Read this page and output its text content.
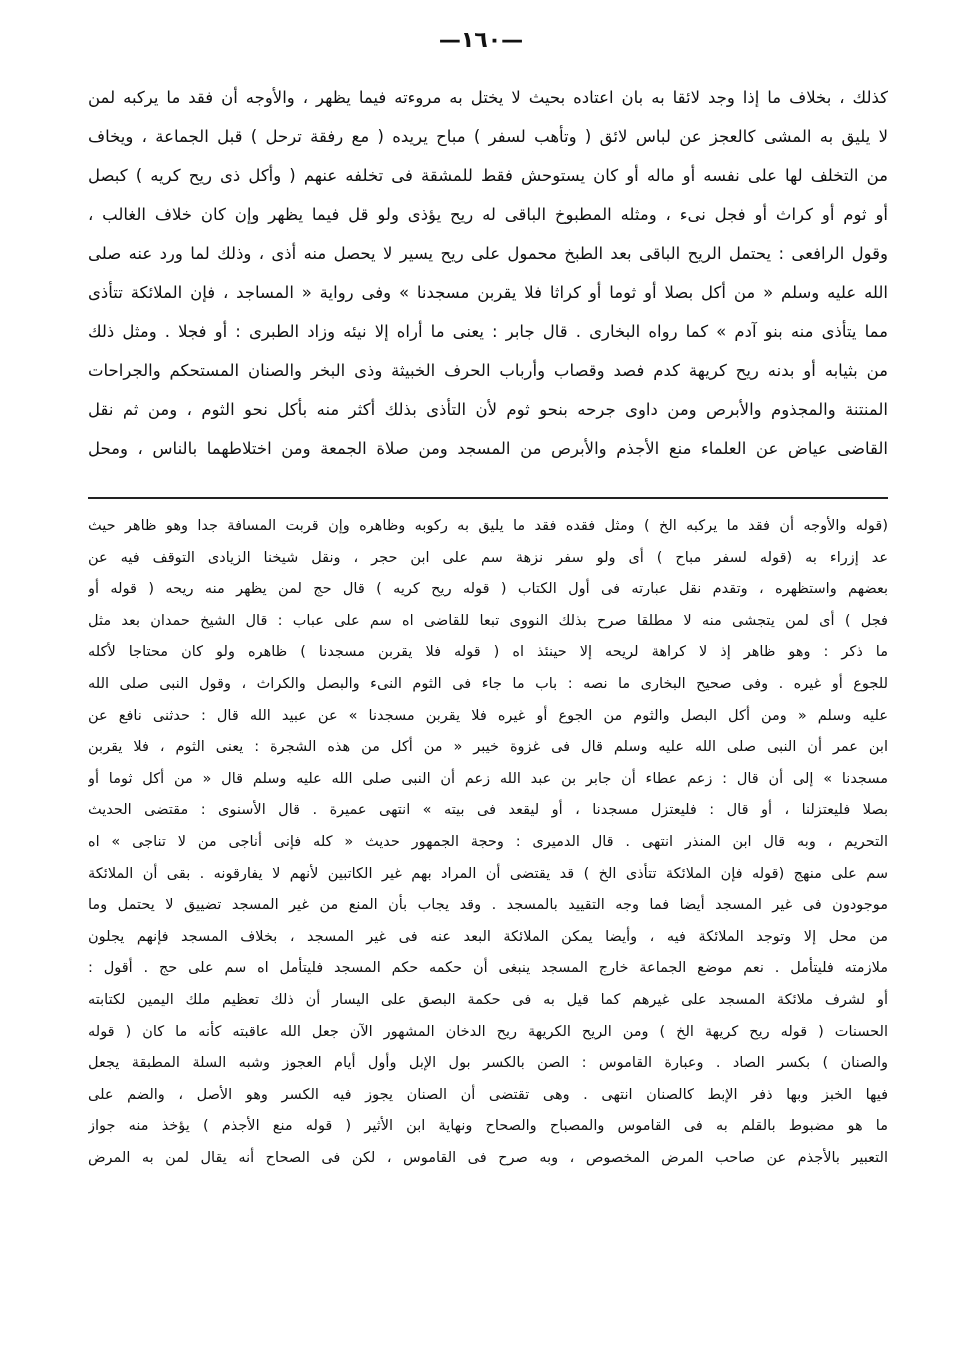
—١٦٠—
كذلك ، بخلاف ما إذا وجد لائقا به بان اعتاده بحيث لا يختل به مروءته فيما يظهر ، والأوجه أن فقد ما يركبه لمن
لا يليق به المشى كالعجز عن لباس لائق ( وتأهب لسفر ) مباح يريده ( مع رفقة ترحل ) قبل الجماعة ، ويخاف
من التخلف لها على نفسه أو ماله أو كان يستوحش فقط للمشقة فى تخلفه عنهم ( وأكل ذى ريح كريه ) كبصل
أو ثوم أو كراث أو فجل نىء ، ومثله المطبوخ الباقى له ريح يؤذى ولو قل فيما يظهر وإن كان خلاف الغالب ،
وقول الرافعى : يحتمل الريح الباقى بعد الطبخ محمول على ريح يسير لا يحصل منه أذى ، وذلك لما ورد عنه صلى
الله عليه وسلم « من أكل بصلا أو ثوما أو كراثا فلا يقربن مسجدنا » وفى رواية « المساجد ، فإن الملائكة تتأذى
مما يتأذى منه بنو آدم » كما رواه البخارى . قال جابر : يعنى ما أراه إلا نيئه وزاد الطبرى : أو فجلا . ومثل ذلك
من بثيابه أو بدنه ريح كريهة كدم فصد وقصاب وأرباب الحرف الخبيثة وذى البخر والصنان المستحكم والجراحات
المنتنة والمجذوم والأبرص ومن داوى جرحه بنحو ثوم لأن التأذى بذلك أكثر منه بأكل نحو الثوم ، ومن ثم نقل
القاضى عياض عن العلماء منع الأجذم والأبرص من المسجد ومن صلاة الجمعة ومن اختلاطهما بالناس ، ومحل
(قوله والأوجه أن فقد ما يركبه الخ ) ومثل فقده فقد ما يليق به ركوبه وظاهره وإن قربت المسافة جدا وهو ظاهر حيث
عد إزراء به (قوله لسفر مباح ) أى ولو سفر نزهة سم على ابن حجر ، ونقل شيخنا الزيادى التوقف فيه عن
بعضهم واستظهره ، وتقدم نقل عبارته فى أول الكتاب ( قوله ريح كريه ) قال حج لمن يظهر منه ريحه ( قوله أو
فجل ) أى لمن يتجشى منه لا مطلقا صرح بذلك النووى تبعا للقاضى اه سم على عباب : قال الشيخ حمدان بعد مثل
ما ذكر : وهو ظاهر إذ لا كراهة لريحه إلا حينئذ اه ( قوله فلا يقربن مسجدنا ) ظاهره ولو كان محتاجا لأكله
للجوع أو غيره . وفى صحيح البخارى ما نصه : باب ما جاء فى الثوم النىء والبصل والكراث ، وقول النبى صلى الله
عليه وسلم « ومن أكل البصل والثوم من الجوع أو غيره فلا يقربن مسجدنا » عن عبيد الله قال : حدثنى نافع عن
ابن عمر أن النبى صلى الله عليه وسلم قال فى غزوة خيبر « من أكل من هذه الشجرة : يعنى الثوم ، فلا يقربن
مسجدنا » إلى أن قال : زعم عطاء أن جابر بن عبد الله زعم أن النبى صلى الله عليه وسلم قال « من أكل ثوما أو
بصلا فليعتزلنا ، أو قال : فليعتزل مسجدنا ، أو ليقعد فى بيته » انتهى عميرة . قال الأسنوى : مقتضى الحديث
التحريم ، وبه قال ابن المنذر انتهى . قال الدميرى : وحجة الجمهور حديث « كله فإنى أناجى من لا تناجى » اه
سم على منهج (قوله فإن الملائكة تتأذى الخ ) قد يقتضى أن المراد بهم غير الكاتبين لأنهم لا يفارقونه . بقى أن الملائكة
موجودون فى غير المسجد أيضا فما وجه التقييد بالمسجد . وقد يجاب بأن المنع من غير المسجد تضييق لا يحتمل وما
من محل إلا وتوجد الملائكة فيه ، وأيضا يمكن الملائكة البعد عنه فى غير المسجد ، بخلاف المسجد فإنهم يجلون
ملازمته فليتأمل . نعم موضع الجماعة خارج المسجد ينبغى أن حكمه حكم المسجد فليتأمل اه سم على حج . أقول :
أو لشرف ملائكة المسجد على غيرهم كما قيل به فى حكمة البصق على اليسار أن ذلك تعظيم ملك اليمين لكتابته
الحسنات ( قوله ريح كريهة الخ ) ومن الريح الكريهة ريح الدخان المشهور الآن جعل الله عاقبته كأنه ما كان ( قوله
والصنان ) بكسر الصاد . وعبارة القاموس : الصن بالكسر بول الإبل وأول أيام العجوز وشبه السلة المطبقة يجعل
فيها الخبز وبها ذفر الإبط كالصنان انتهى . وهى تقتضى أن الصنان يجوز فيه الكسر وهو الأصل ، والضم على
ما هو مضبوط بالقلم به فى القاموس والمصباح والصحاح ونهاية ابن الأثير ( قوله منع الأجذم ) يؤخذ منه جواز
التعبير بالأجذم عن صاحب المرض المخصوص ، وبه صرح فى القاموس ، لكن فى الصحاح أنه يقال لمن به المرض
